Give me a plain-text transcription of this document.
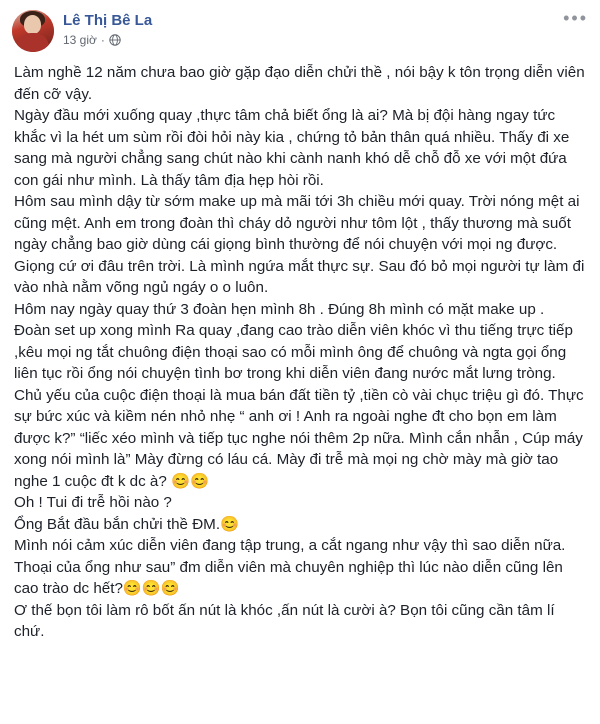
Lê Thị Bê La
13 giờ ·
•••

Làm nghề 12 năm chưa bao giờ gặp đạo diễn chửi thề , nói bậy k tôn trọng diễn viên đến cỡ vậy.

Ngày đầu mới xuống quay ,thực tâm chả biết ổng là ai? Mà bị đội hàng ngay tức khắc vì la hét um sùm rồi đòi hỏi này kia , chứng tỏ bản thân quá nhiều. Thấy đi xe sang mà người chẳng sang chút nào khi cành nanh khó dễ chỗ đỗ xe với một đứa con gái như mình. Là thấy tâm địa hẹp hòi rồi.

Hôm sau mình dậy từ sớm make up mà mãi tới 3h chiều mới quay. Trời nóng mệt ai cũng mệt. Anh em trong đoàn thì cháy dỏ người như tôm lột , thấy thương mà suốt ngày chẳng bao giờ dùng cái giọng bình thường để nói chuyện với mọi ng được. Giọng cứ ơi đâu trên trời. Là mình ngứa mắt thực sự. Sau đó bỏ mọi người tự làm đi vào nhà nằm võng ngủ ngáy o o luôn.

Hôm nay ngày quay thứ 3 đoàn hẹn mình 8h . Đúng 8h mình có mặt make up .

Đoàn set up xong mình Ra quay ,đang cao trào diễn viên khóc vì thu tiếng trực tiếp ,kêu mọi ng tắt chuông điện thoại sao có mỗi mình ông để chuông và ngta gọi ổng liên tục rồi ổng nói chuyện tình bơ trong khi diễn viên đang nước mắt lưng tròng. Chủ yếu của cuộc điện thoại là mua bán đất tiền tỷ ,tiền cò vài chục triệu gì đó. Thực sự bức xúc và kiềm nén nhỏ nhẹ “ anh ơi ! Anh ra ngoài nghe đt cho bọn em làm được k?” “liếc xéo mình và tiếp tục nghe nói thêm 2p nữa. Mình cắn nhẫn , Cúp máy xong nói mình là” Mày đừng có láu cá. Mày đi trễ mà mọi ng chờ mày mà giờ tao nghe 1 cuộc đt k dc à? 😊😊

Oh ! Tui đi trễ hồi nào ?

Ổng Bắt đầu bắn chửi thề ĐM.😊

Mình nói cảm xúc diễn viên đang tập trung, a cắt ngang như vậy thì sao diễn nữa.

Thoại của ổng như sau” đm diễn viên mà chuyên nghiệp thì lúc nào diễn cũng lên cao trào dc hết?😊😊😊

Ơ thế bọn tôi làm rô bốt ấn nút là khóc ,ấn nút là cười à? Bọn tôi cũng cần tâm lí chứ.
